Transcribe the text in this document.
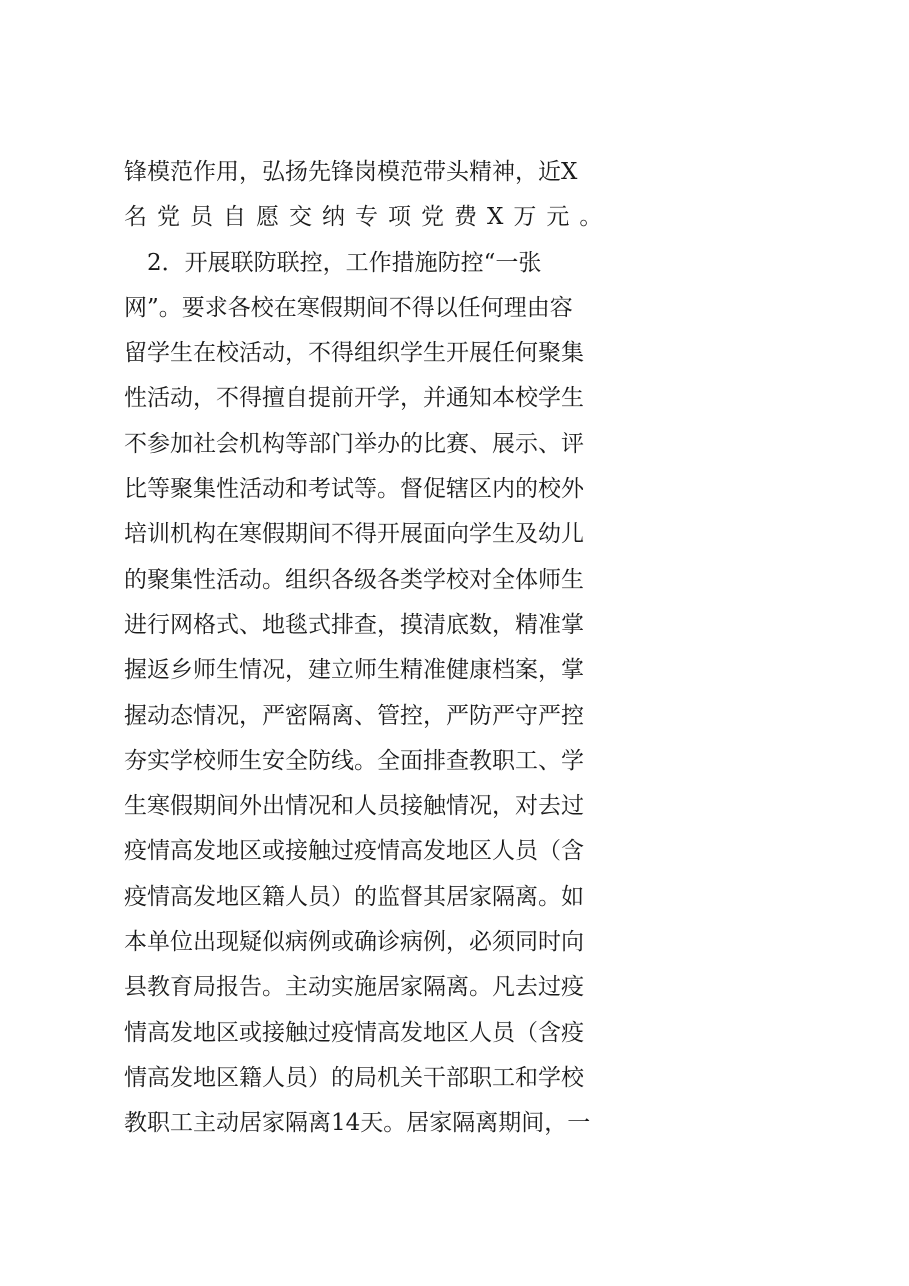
锋模范作用，弘扬先锋岗模范带头精神，近X
名党员自愿交纳专项党费X万元。
　2．开展联防联控，工作措施防控“一张
网”。要求各校在寒假期间不得以任何理由容
留学生在校活动，不得组织学生开展任何聚集
性活动，不得擅自提前开学，并通知本校学生
不参加社会机构等部门举办的比赛、展示、评
比等聚集性活动和考试等。督促辖区内的校外
培训机构在寒假期间不得开展面向学生及幼儿
的聚集性活动。组织各级各类学校对全体师生
进行网格式、地毯式排查，摸清底数，精准掌
握返乡师生情况，建立师生精准健康档案，掌
握动态情况，严密隔离、管控，严防严守严控
夯实学校师生安全防线。全面排查教职工、学
生寒假期间外出情况和人员接触情况，对去过
疫情高发地区或接触过疫情高发地区人员（含
疫情高发地区籍人员）的监督其居家隔离。如
本单位出现疑似病例或确诊病例，必须同时向
县教育局报告。主动实施居家隔离。凡去过疫
情高发地区或接触过疫情高发地区人员（含疫
情高发地区籍人员）的局机关干部职工和学校
教职工主动居家隔离14天。居家隔离期间，一
